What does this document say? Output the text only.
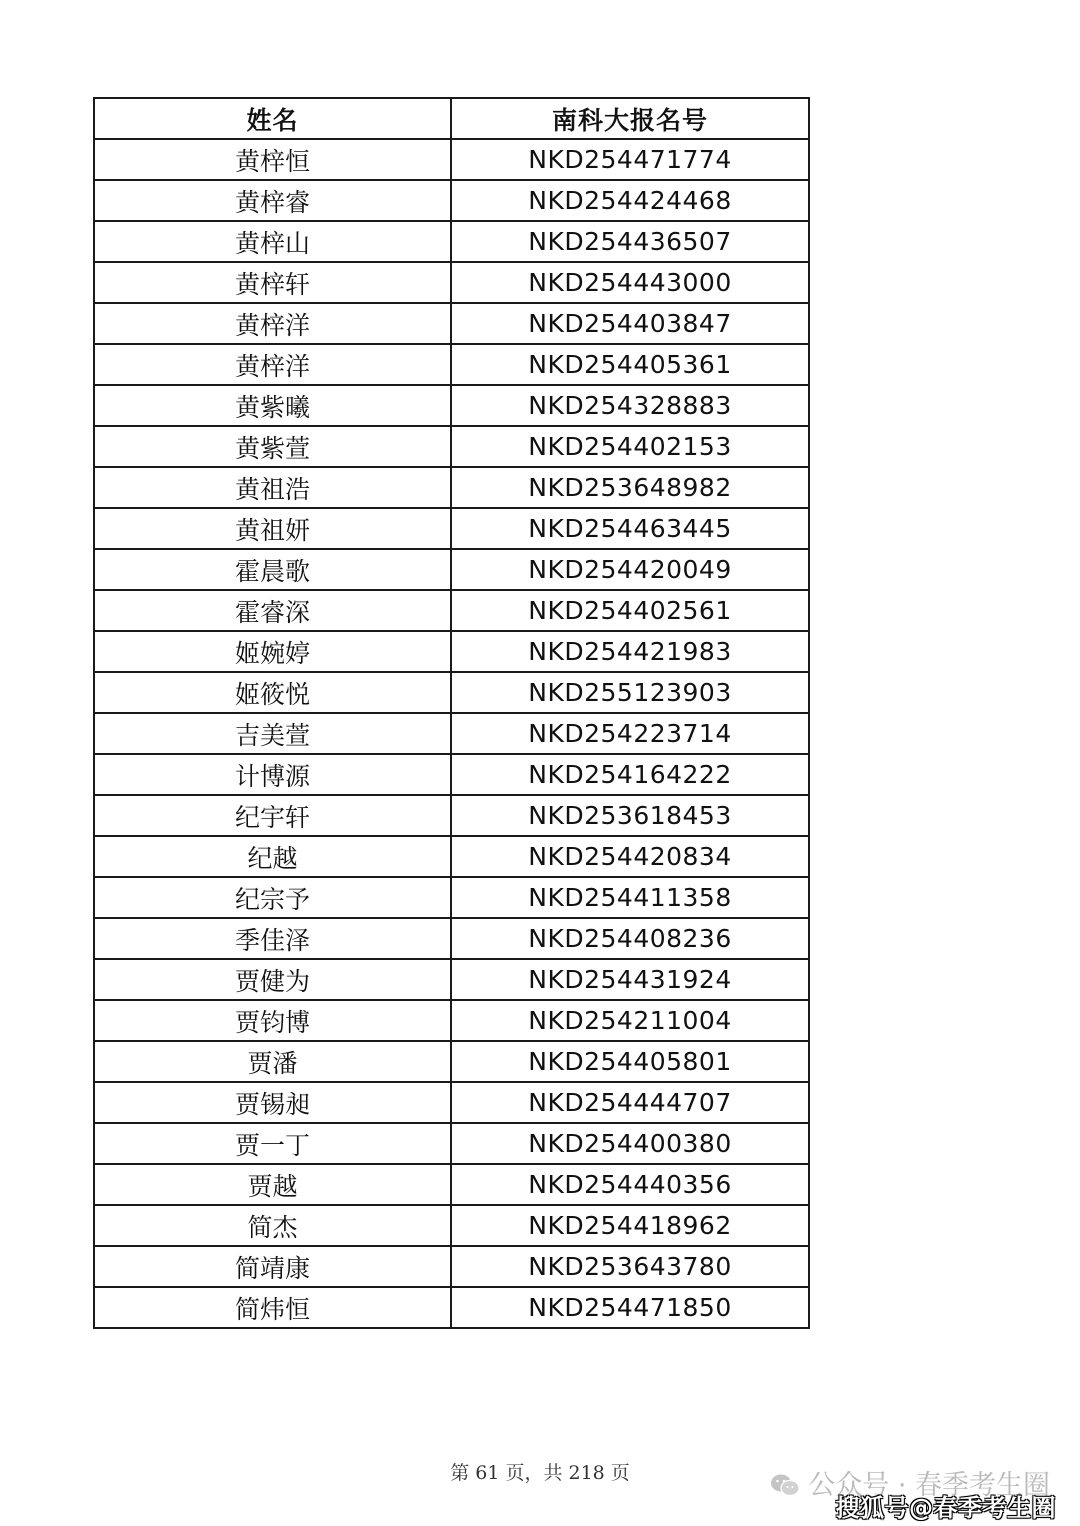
姓名	南科大报名号
黄梓恒	NKD254471774
黄梓睿	NKD254424468
黄梓山	NKD254436507
黄梓轩	NKD254443000
黄梓洋	NKD254403847
黄梓洋	NKD254405361
黄紫曦	NKD254328883
黄紫萱	NKD254402153
黄祖浩	NKD253648982
黄祖妍	NKD254463445
霍晨歌	NKD254420049
霍睿深	NKD254402561
姬婉婷	NKD254421983
姬筱悦	NKD255123903
吉美萱	NKD254223714
计博源	NKD254164222
纪宇轩	NKD253618453
纪越	NKD254420834
纪宗予	NKD254411358
季佳泽	NKD254408236
贾健为	NKD254431924
贾钧博	NKD254211004
贾潘	NKD254405801
贾锡昶	NKD254444707
贾一丁	NKD254400380
贾越	NKD254440356
简杰	NKD254418962
简靖康	NKD253643780
简炜恒	NKD254471850
第 61 页，共 218 页	公众号 · 春季考生圈
搜狐号@春季考生圈
